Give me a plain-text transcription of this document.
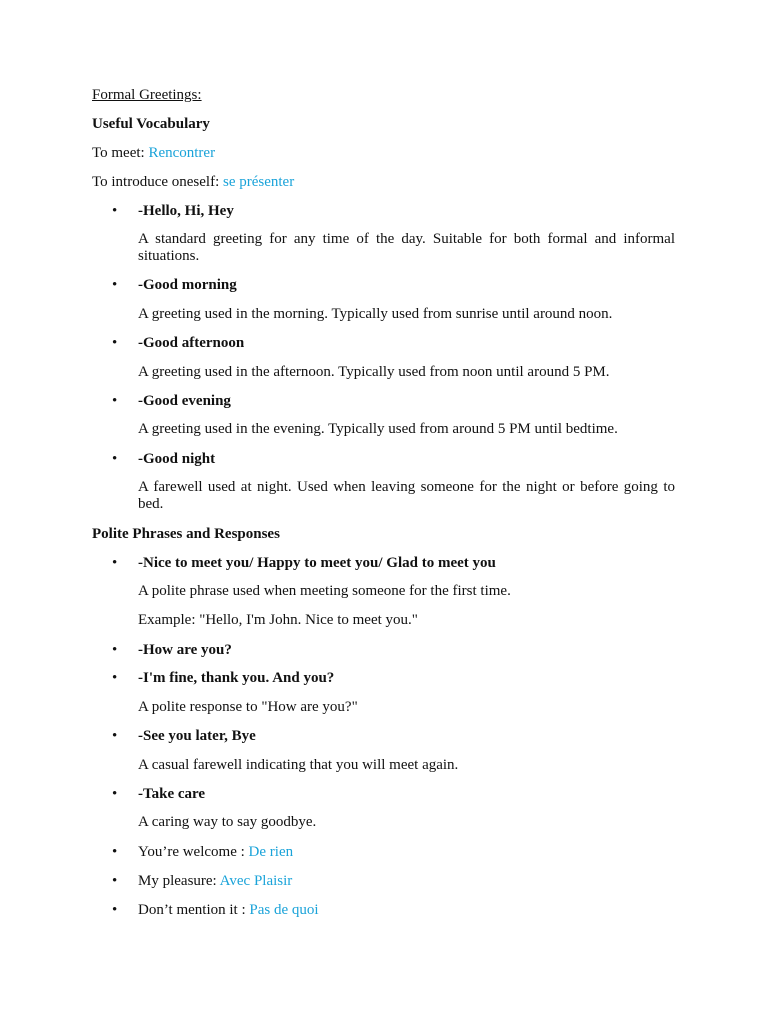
Formal Greetings:
Useful Vocabulary
To meet: Rencontrer
To introduce oneself: se présenter
• -Hello, Hi, Hey
A standard greeting for any time of the day. Suitable for both formal and informal situations.
• -Good morning
A greeting used in the morning. Typically used from sunrise until around noon.
• -Good afternoon
A greeting used in the afternoon. Typically used from noon until around 5 PM.
• -Good evening
A greeting used in the evening. Typically used from around 5 PM until bedtime.
• -Good night
A farewell used at night. Used when leaving someone for the night or before going to bed.
Polite Phrases and Responses
• -Nice to meet you/ Happy to meet you/ Glad to meet you
A polite phrase used when meeting someone for the first time.
Example: "Hello, I'm John. Nice to meet you."
• -How are you?
• -I'm fine, thank you. And you?
A polite response to "How are you?"
• -See you later, Bye
A casual farewell indicating that you will meet again.
• -Take care
A caring way to say goodbye.
• You’re welcome : De rien
• My pleasure: Avec Plaisir
• Don’t mention it : Pas de quoi
